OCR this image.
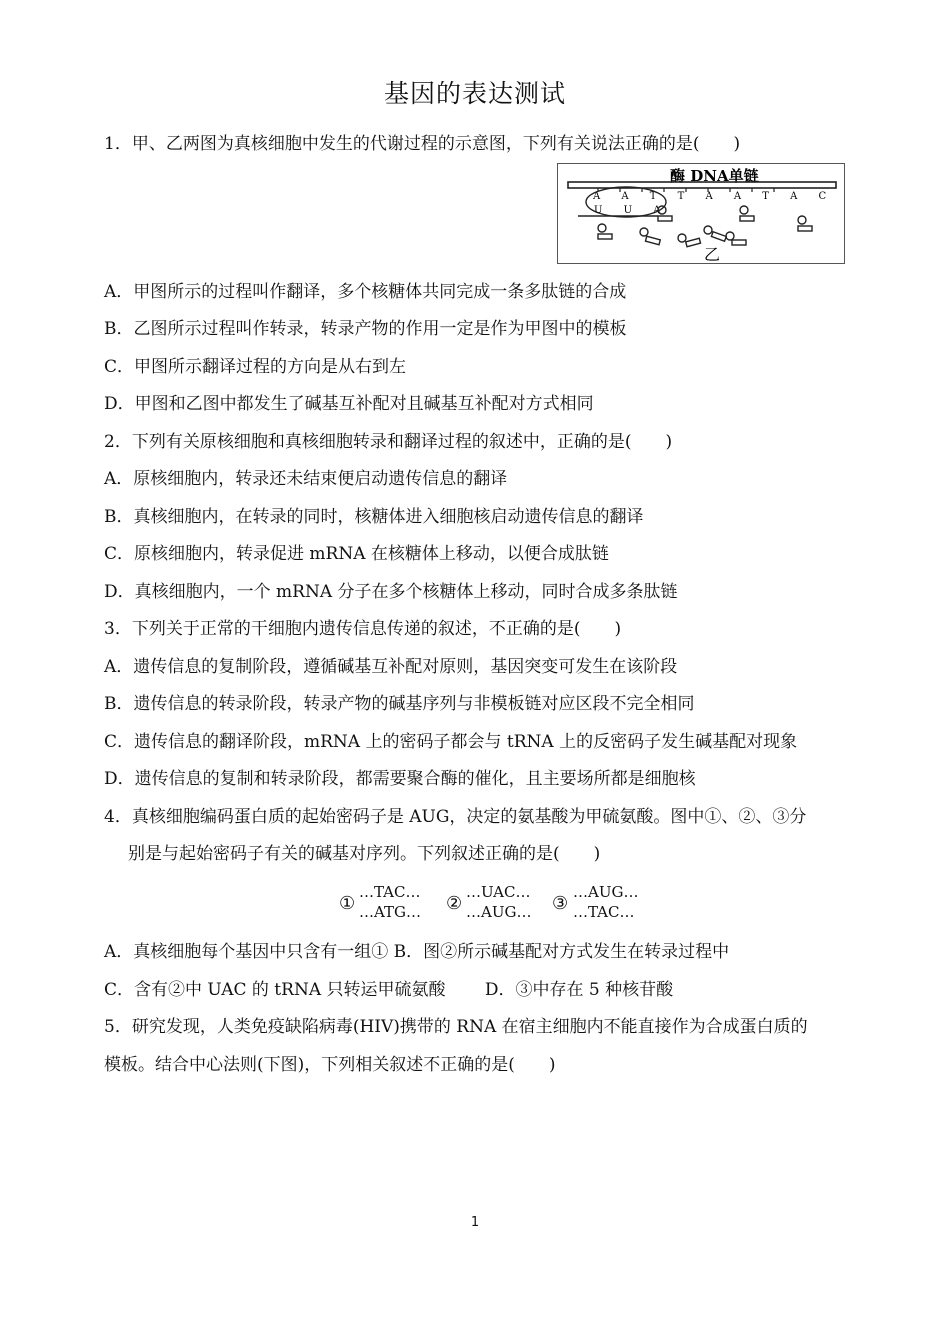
基因的表达测试
1．甲、乙两图为真核细胞中发生的代谢过程的示意图，下列有关说法正确的是(　　)
酶 DNA单链
A A T T A A T A C
U U A
乙
A．甲图所示的过程叫作翻译，多个核糖体共同完成一条多肽链的合成
B．乙图所示过程叫作转录，转录产物的作用一定是作为甲图中的模板
C．甲图所示翻译过程的方向是从右到左
D．甲图和乙图中都发生了碱基互补配对且碱基互补配对方式相同
2．下列有关原核细胞和真核细胞转录和翻译过程的叙述中，正确的是(　　)
A．原核细胞内，转录还未结束便启动遗传信息的翻译
B．真核细胞内，在转录的同时，核糖体进入细胞核启动遗传信息的翻译
C．原核细胞内，转录促进 mRNA 在核糖体上移动，以便合成肽链
D．真核细胞内，一个 mRNA 分子在多个核糖体上移动，同时合成多条肽链
3．下列关于正常的干细胞内遗传信息传递的叙述，不正确的是(　　)
A．遗传信息的复制阶段，遵循碱基互补配对原则，基因突变可发生在该阶段
B．遗传信息的转录阶段，转录产物的碱基序列与非模板链对应区段不完全相同
C．遗传信息的翻译阶段，mRNA 上的密码子都会与 tRNA 上的反密码子发生碱基配对现象
D．遗传信息的复制和转录阶段，都需要聚合酶的催化，且主要场所都是细胞核
4．真核细胞编码蛋白质的起始密码子是 AUG，决定的氨基酸为甲硫氨酸。图中①、②、③分
别是与起始密码子有关的碱基对序列。下列叙述正确的是(　　)
①
…TAC…
…ATG… ②
…UAC…
…AUG… ③
…AUG…
…TAC…
A．真核细胞每个基因中只含有一组① B．图②所示碱基配对方式发生在转录过程中
C．含有②中 UAC 的 tRNA 只转运甲硫氨酸　　 D．③中存在 5 种核苷酸
5．研究发现，人类免疫缺陷病毒(HIV)携带的 RNA 在宿主细胞内不能直接作为合成蛋白质的
模板。结合中心法则(下图)，下列相关叙述不正确的是(　　)
1
